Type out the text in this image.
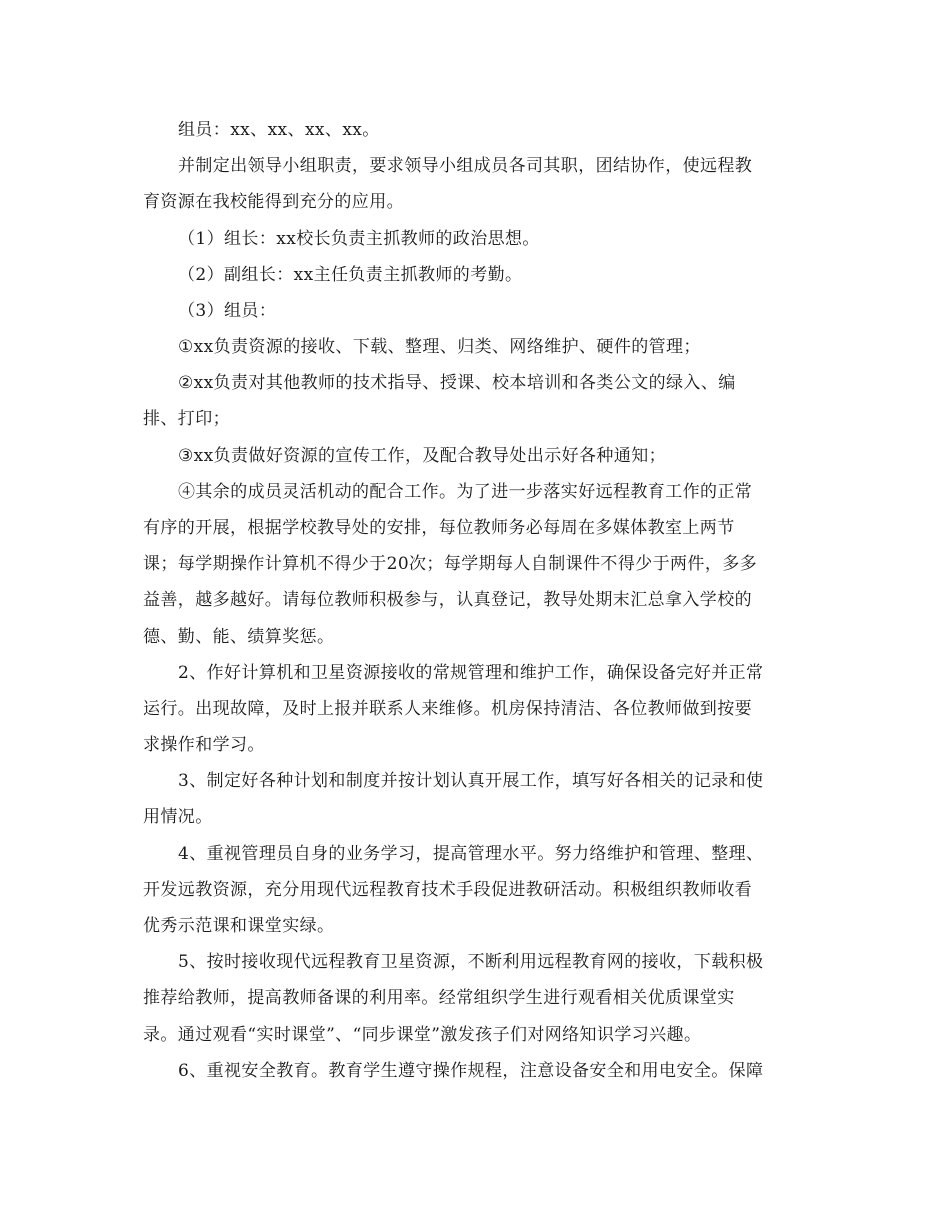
组员：xx、xx、xx、xx。
并制定出领导小组职责，要求领导小组成员各司其职，团结协作，使远程教
育资源在我校能得到充分的应用。
（1）组长：xx校长负责主抓教师的政治思想。
（2）副组长：xx主任负责主抓教师的考勤。
（3）组员：
①xx负责资源的接收、下载、整理、归类、网络维护、硬件的管理；
②xx负责对其他教师的技术指导、授课、校本培训和各类公文的绿入、编
排、打印；
③xx负责做好资源的宣传工作，及配合教导处出示好各种通知；
④其余的成员灵活机动的配合工作。为了进一步落实好远程教育工作的正常
有序的开展，根据学校教导处的安排，每位教师务必每周在多媒体教室上两节
课；每学期操作计算机不得少于20次；每学期每人自制课件不得少于两件，多多
益善，越多越好。请每位教师积极参与，认真登记，教导处期末汇总拿入学校的
德、勤、能、绩算奖惩。
2、作好计算机和卫星资源接收的常规管理和维护工作，确保设备完好并正常
运行。出现故障，及时上报并联系人来维修。机房保持清洁、各位教师做到按要
求操作和学习。
3、制定好各种计划和制度并按计划认真开展工作，填写好各相关的记录和使
用情况。
4、重视管理员自身的业务学习，提高管理水平。努力络维护和管理、整理、
开发远教资源，充分用现代远程教育技术手段促进教研活动。积极组织教师收看
优秀示范课和课堂实绿。
5、按时接收现代远程教育卫星资源，不断利用远程教育网的接收，下载积极
推荐给教师，提高教师备课的利用率。经常组织学生进行观看相关优质课堂实
录。通过观看“实时课堂”、“同步课堂”激发孩子们对网络知识学习兴趣。
6、重视安全教育。教育学生遵守操作规程，注意设备安全和用电安全。保障
